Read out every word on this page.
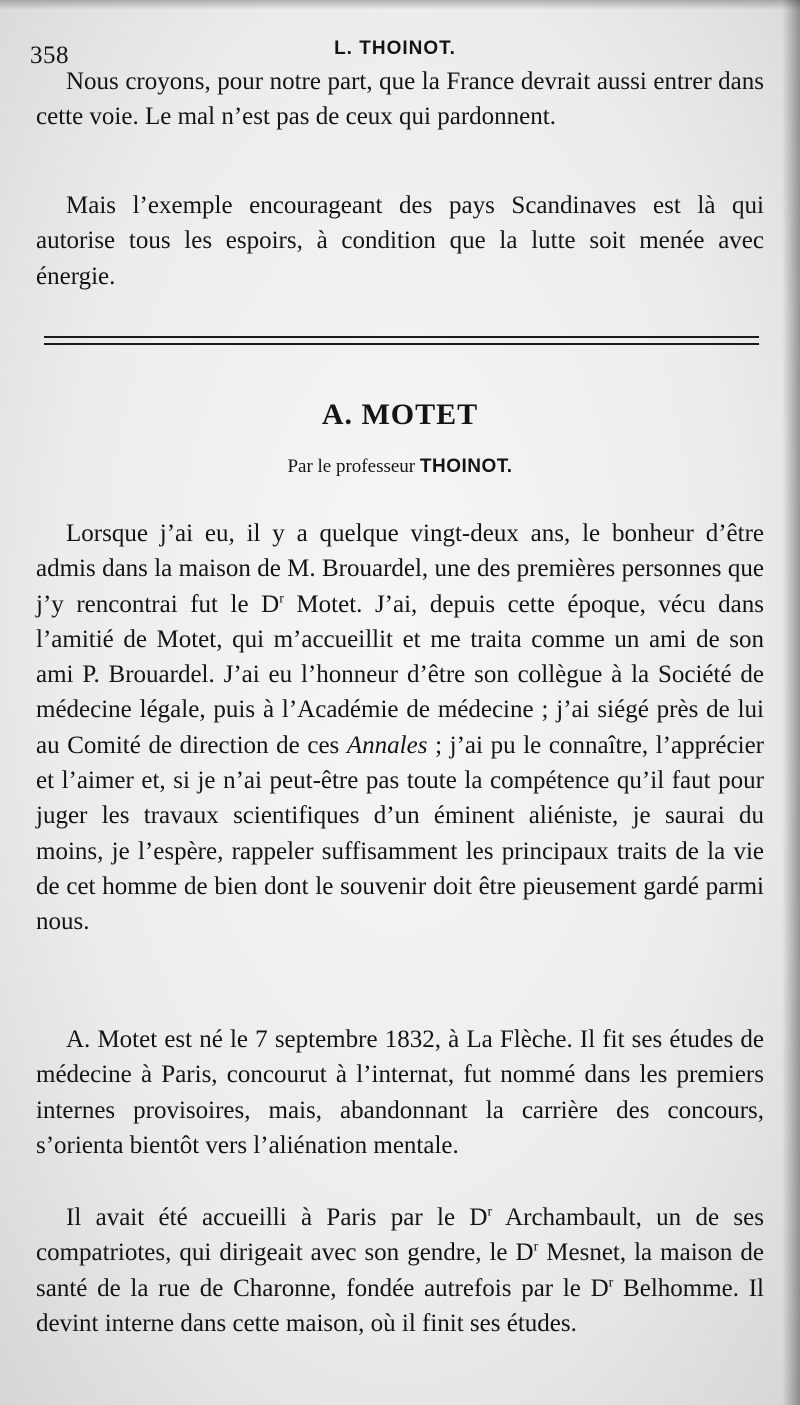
358	L. THOINOT.

Nous croyons, pour notre part, que la France devrait aussi entrer dans cette voie. Le mal n’est pas de ceux qui pardonnent.

Mais l’exemple encourageant des pays Scandinaves est là qui autorise tous les espoirs, à condition que la lutte soit menée avec énergie.

A. MOTET
Par le professeur THOINOT.

Lorsque j’ai eu, il y a quelque vingt-deux ans, le bonheur d’être admis dans la maison de M. Brouardel, une des premières personnes que j’y rencontrai fut le $D^r$ Motet. J’ai, depuis cette époque, vécu dans l’amitié de Motet, qui m’accueillit et me traita comme un ami de son ami P. Brouardel. J’ai eu l’honneur d’être son collègue à la Société de médecine légale, puis à l’Académie de médecine ; j’ai siégé près de lui au Comité de direction de ces Annales ; j’ai pu le connaître, l’apprécier et l’aimer et, si je n’ai peut-être pas toute la compétence qu’il faut pour juger les travaux scientifiques d’un éminent aliéniste, je saurai du moins, je l’espère, rappeler suffisamment les principaux traits de la vie de cet homme de bien dont le souvenir doit être pieusement gardé parmi nous.

A. Motet est né le 7 septembre 1832, à La Flèche. Il fit ses études de médecine à Paris, concourut à l’internat, fut nommé dans les premiers internes provisoires, mais, abandonnant la carrière des concours, s’orienta bientôt vers l’aliénation mentale.

Il avait été accueilli à Paris par le $D^r$ Archambault, un de ses compatriotes, qui dirigeait avec son gendre, le $D^r$ Mesnet, la maison de santé de la rue de Charonne, fondée autrefois par le $D^r$ Belhomme. Il devint interne dans cette maison, où il finit ses études.
